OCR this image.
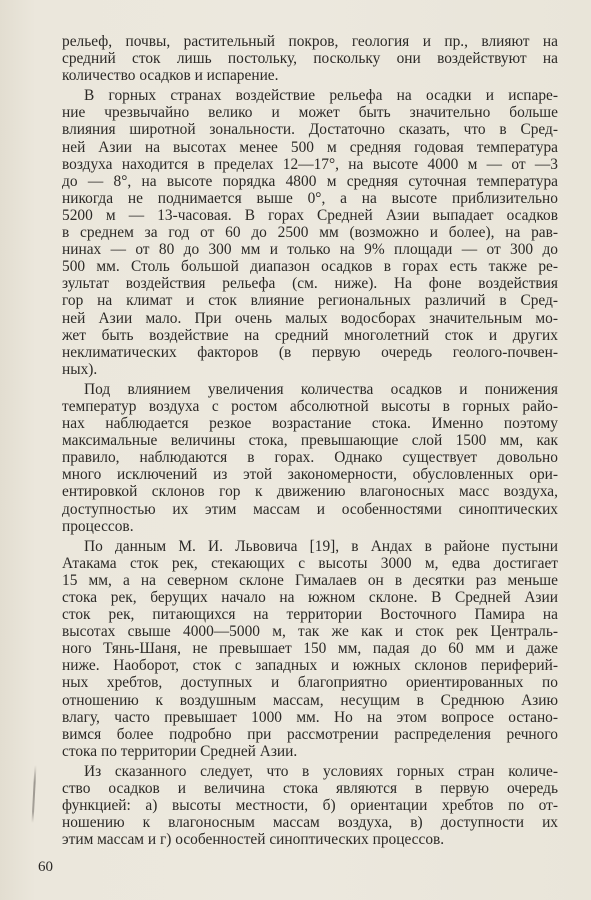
рельеф, почвы, растительный покров, геология и пр., влияют на
средний сток лишь постольку, поскольку они воздействуют на
количество осадков и испарение.
В горных странах воздействие рельефа на осадки и испаре-
ние чрезвычайно велико и может быть значительно больше
влияния широтной зональности. Достаточно сказать, что в Сред-
ней Азии на высотах менее 500 м средняя годовая температура
воздуха находится в пределах 12—17°, на высоте 4000 м — от —3
до — 8°, на высоте порядка 4800 м средняя суточная температура
никогда не поднимается выше 0°, а на высоте приблизительно
5200 м — 13-часовая. В горах Средней Азии выпадает осадков
в среднем за год от 60 до 2500 мм (возможно и более), на рав-
нинах — от 80 до 300 мм и только на 9% площади — от 300 до
500 мм. Столь большой диапазон осадков в горах есть также ре-
зультат воздействия рельефа (см. ниже). На фоне воздействия
гор на климат и сток влияние региональных различий в Сред-
ней Азии мало. При очень малых водосборах значительным мо-
жет быть воздействие на средний многолетний сток и других
неклиматических факторов (в первую очередь геолого-почвен-
ных).
Под влиянием увеличения количества осадков и понижения
температур воздуха с ростом абсолютной высоты в горных райо-
нах наблюдается резкое возрастание стока. Именно поэтому
максимальные величины стока, превышающие слой 1500 мм, как
правило, наблюдаются в горах. Однако существует довольно
много исключений из этой закономерности, обусловленных ори-
ентировкой склонов гор к движению влагоносных масс воздуха,
доступностью их этим массам и особенностями синоптических
процессов.
По данным М. И. Львовича [19], в Андах в районе пустыни
Атакама сток рек, стекающих с высоты 3000 м, едва достигает
15 мм, а на северном склоне Гималаев он в десятки раз меньше
стока рек, берущих начало на южном склоне. В Средней Азии
сток рек, питающихся на территории Восточного Памира на
высотах свыше 4000—5000 м, так же как и сток рек Централь-
ного Тянь-Шаня, не превышает 150 мм, падая до 60 мм и даже
ниже. Наоборот, сток с западных и южных склонов периферий-
ных хребтов, доступных и благоприятно ориентированных по
отношению к воздушным массам, несущим в Среднюю Азию
влагу, часто превышает 1000 мм. Но на этом вопросе остано-
вимся более подробно при рассмотрении распределения речного
стока по территории Средней Азии.
Из сказанного следует, что в условиях горных стран количе-
ство осадков и величина стока являются в первую очередь
функцией: а) высоты местности, б) ориентации хребтов по от-
ношению к влагоносным массам воздуха, в) доступности их
этим массам и г) особенностей синоптических процессов.
60
